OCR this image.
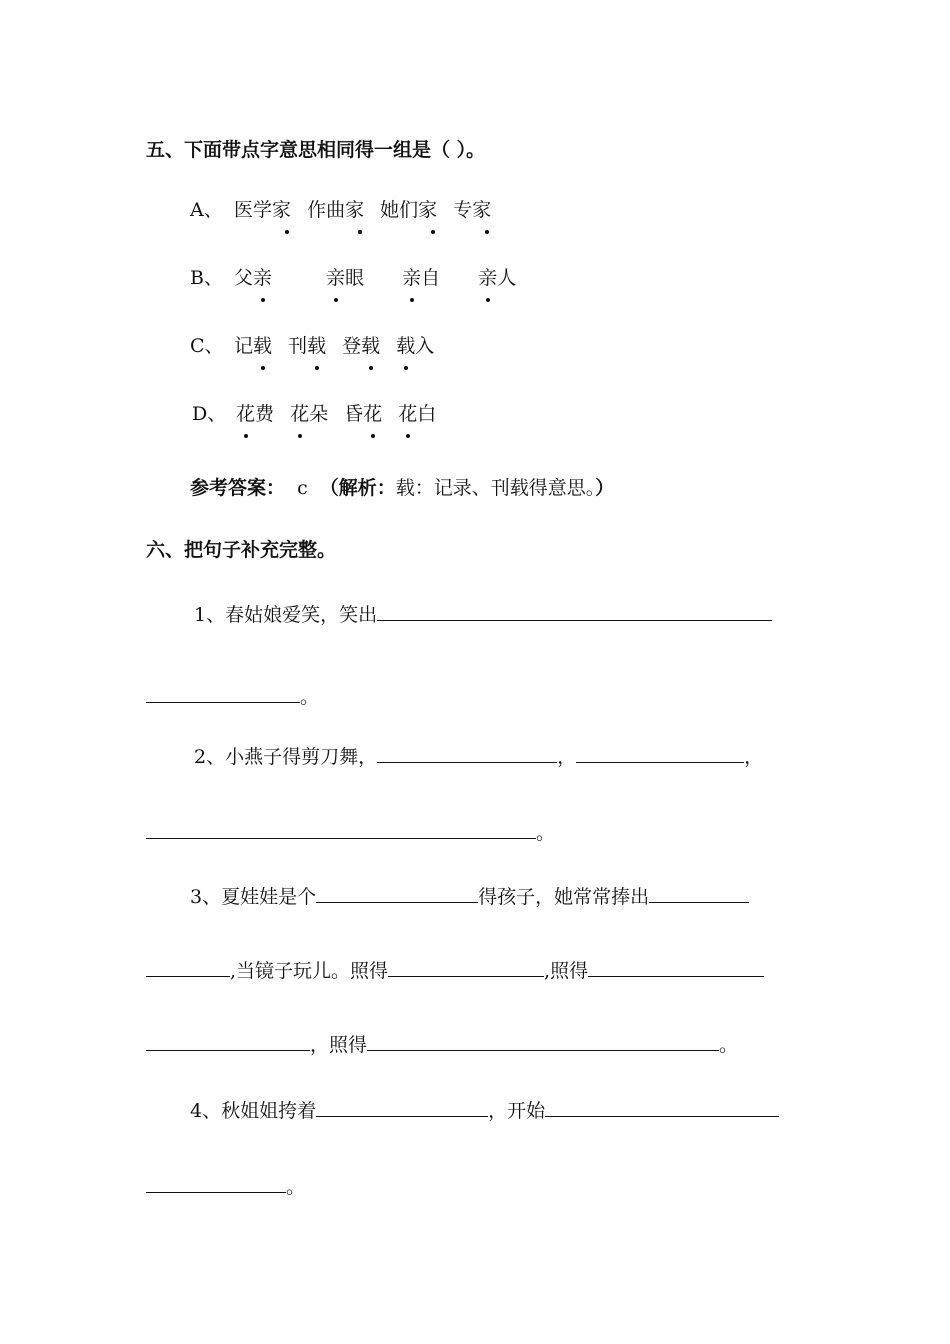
五、下面带点字意思相同得一组是（ ）。
A、 医学家 作曲家 她们家 专家
B、 父亲	亲眼 亲自 亲人
C、 记载 刊载 登载 载入
D、 花费 花朵 昏花 花白
参考答案： c （解析：载：记录、刊载得意思。）
六、把句子补充完整。
1、春姑娘爱笑，笑出
。
2、小燕子得剪刀舞，	，	，
。
3、夏娃娃是个	得孩子，她常常捧出
,当镜子玩儿。照得	,照得
，照得	。
4、秋姐姐挎着	，开始
。
